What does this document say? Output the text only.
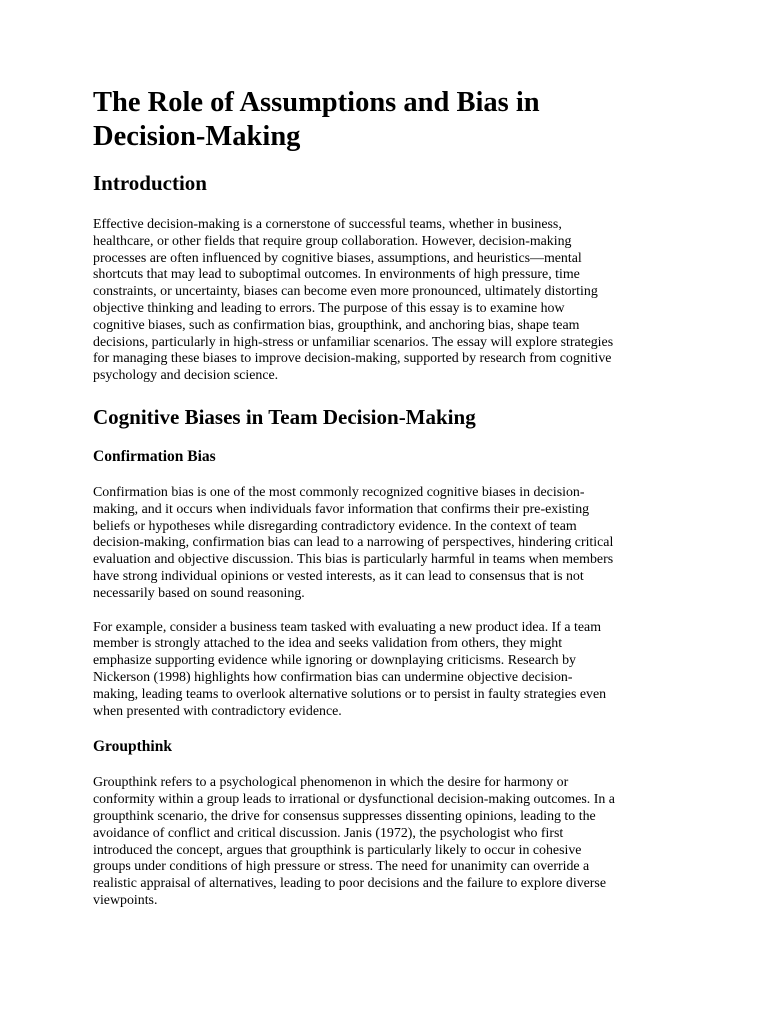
The Role of Assumptions and Bias in
Decision-Making
Introduction

Effective decision-making is a cornerstone of successful teams, whether in business,
healthcare, or other fields that require group collaboration. However, decision-making
processes are often influenced by cognitive biases, assumptions, and heuristics—mental
shortcuts that may lead to suboptimal outcomes. In environments of high pressure, time
constraints, or uncertainty, biases can become even more pronounced, ultimately distorting
objective thinking and leading to errors. The purpose of this essay is to examine how
cognitive biases, such as confirmation bias, groupthink, and anchoring bias, shape team
decisions, particularly in high-stress or unfamiliar scenarios. The essay will explore strategies
for managing these biases to improve decision-making, supported by research from cognitive
psychology and decision science.

Cognitive Biases in Team Decision-Making
Confirmation Bias

Confirmation bias is one of the most commonly recognized cognitive biases in decision-
making, and it occurs when individuals favor information that confirms their pre-existing
beliefs or hypotheses while disregarding contradictory evidence. In the context of team
decision-making, confirmation bias can lead to a narrowing of perspectives, hindering critical
evaluation and objective discussion. This bias is particularly harmful in teams when members
have strong individual opinions or vested interests, as it can lead to consensus that is not
necessarily based on sound reasoning.

For example, consider a business team tasked with evaluating a new product idea. If a team
member is strongly attached to the idea and seeks validation from others, they might
emphasize supporting evidence while ignoring or downplaying criticisms. Research by
Nickerson (1998) highlights how confirmation bias can undermine objective decision-
making, leading teams to overlook alternative solutions or to persist in faulty strategies even
when presented with contradictory evidence.

Groupthink

Groupthink refers to a psychological phenomenon in which the desire for harmony or
conformity within a group leads to irrational or dysfunctional decision-making outcomes. In a
groupthink scenario, the drive for consensus suppresses dissenting opinions, leading to the
avoidance of conflict and critical discussion. Janis (1972), the psychologist who first
introduced the concept, argues that groupthink is particularly likely to occur in cohesive
groups under conditions of high pressure or stress. The need for unanimity can override a
realistic appraisal of alternatives, leading to poor decisions and the failure to explore diverse
viewpoints.
